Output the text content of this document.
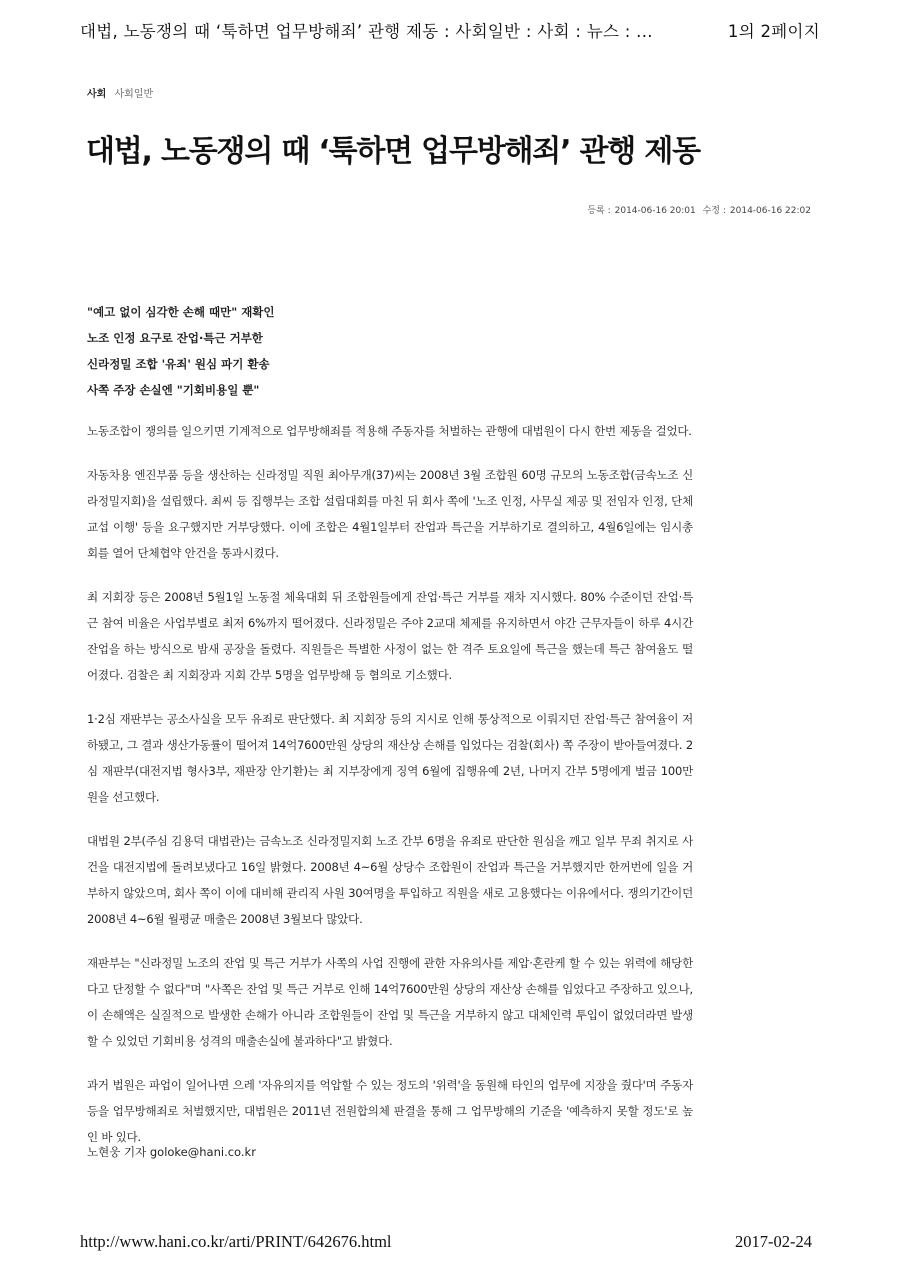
대법, 노동쟁의 때 ‘툭하면 업무방해죄’ 관행 제동 : 사회일반 : 사회 : 뉴스 : ...	1의 2페이지
사회 사회일반
대법, 노동쟁의 때 ‘툭하면 업무방해죄’ 관행 제동
등록 : 2014-06-16 20:01 수정 : 2014-06-16 22:02
"예고 없이 심각한 손해 때만" 재확인
노조 인정 요구로 잔업·특근 거부한
신라정밀 조합 '유죄' 원심 파기 환송
사쪽 주장 손실엔 "기회비용일 뿐"

노동조합이 쟁의를 일으키면 기계적으로 업무방해죄를 적용해 주동자를 처벌하는 관행에 대법원이 다시 한번 제동을 걸었다.

자동차용 엔진부품 등을 생산하는 신라정밀 직원 최아무개(37)씨는 2008년 3월 조합원 60명 규모의 노동조합(금속노조 신라정밀지회)을 설립했다. 최씨 등 집행부는 조합 설립대회를 마친 뒤 회사 쪽에 '노조 인정, 사무실 제공 및 전임자 인정, 단체교섭 이행' 등을 요구했지만 거부당했다. 이에 조합은 4월1일부터 잔업과 특근을 거부하기로 결의하고, 4월6일에는 임시총회를 열어 단체협약 안건을 통과시켰다.

최 지회장 등은 2008년 5월1일 노동절 체육대회 뒤 조합원들에게 잔업·특근 거부를 재차 지시했다. 80% 수준이던 잔업·특근 참여 비율은 사업부별로 최저 6%까지 떨어졌다. 신라정밀은 주야 2교대 체제를 유지하면서 야간 근무자들이 하루 4시간 잔업을 하는 방식으로 밤새 공장을 돌렸다. 직원들은 특별한 사정이 없는 한 격주 토요일에 특근을 했는데 특근 참여율도 떨어졌다. 검찰은 최 지회장과 지회 간부 5명을 업무방해 등 혐의로 기소했다.

1·2심 재판부는 공소사실을 모두 유죄로 판단했다. 최 지회장 등의 지시로 인해 통상적으로 이뤄지던 잔업·특근 참여율이 저하됐고, 그 결과 생산가동률이 떨어져 14억7600만원 상당의 재산상 손해를 입었다는 검찰(회사) 쪽 주장이 받아들여졌다. 2심 재판부(대전지법 형사3부, 재판장 안기환)는 최 지부장에게 징역 6월에 집행유예 2년, 나머지 간부 5명에게 벌금 100만원을 선고했다.

대법원 2부(주심 김용덕 대법관)는 금속노조 신라정밀지회 노조 간부 6명을 유죄로 판단한 원심을 깨고 일부 무죄 취지로 사건을 대전지법에 돌려보냈다고 16일 밝혔다. 2008년 4~6월 상당수 조합원이 잔업과 특근을 거부했지만 한꺼번에 일을 거부하지 않았으며, 회사 쪽이 이에 대비해 관리직 사원 30여명을 투입하고 직원을 새로 고용했다는 이유에서다. 쟁의기간이던 2008년 4~6월 월평균 매출은 2008년 3월보다 많았다.

재판부는 "신라정밀 노조의 잔업 및 특근 거부가 사쪽의 사업 진행에 관한 자유의사를 제압·혼란케 할 수 있는 위력에 해당한다고 단정할 수 없다"며 "사쪽은 잔업 및 특근 거부로 인해 14억7600만원 상당의 재산상 손해를 입었다고 주장하고 있으나, 이 손해액은 실질적으로 발생한 손해가 아니라 조합원들이 잔업 및 특근을 거부하지 않고 대체인력 투입이 없었더라면 발생할 수 있었던 기회비용 성격의 매출손실에 불과하다"고 밝혔다.

과거 법원은 파업이 일어나면 으레 '자유의지를 억압할 수 있는 정도의 '위력'을 동원해 타인의 업무에 지장을 줬다'며 주동자 등을 업무방해죄로 처벌했지만, 대법원은 2011년 전원합의체 판결을 통해 그 업무방해의 기준을 '예측하지 못할 정도'로 높인 바 있다.

노현웅 기자 goloke@hani.co.kr
http://www.hani.co.kr/arti/PRINT/642676.html	2017-02-24
